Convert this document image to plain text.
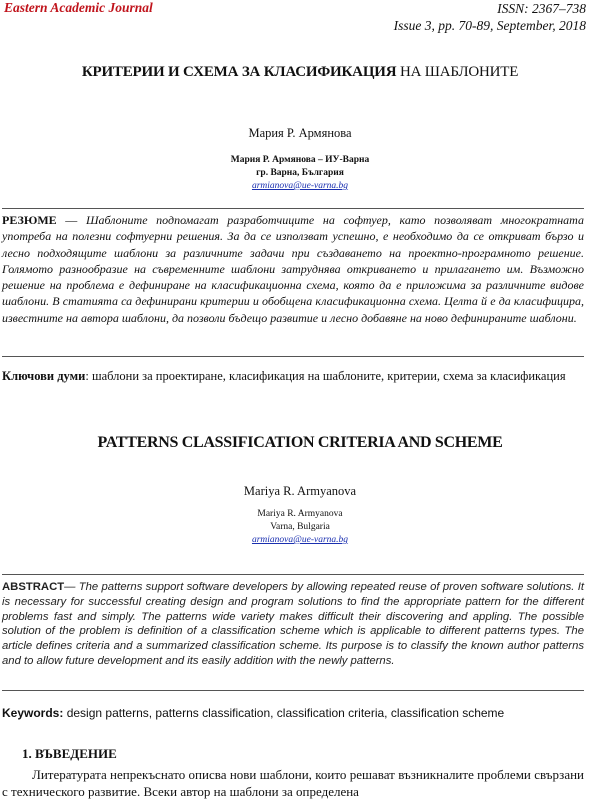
Eastern Academic Journal	ISSN: 2367–738
Issue 3, pp. 70-89, September, 2018
КРИТЕРИИ И СХЕМА ЗА КЛАСИФИКАЦИЯ НА ШАБЛОНИТЕ
Мария Р. Армянова
Мария Р. Армянова – ИУ-Варна
гр. Варна, България
armianova@ue-varna.bg
РЕЗЮМЕ — Шаблоните подпомагат разработчиците на софтуер, като позволяват многократната употреба на полезни софтуерни решения. За да се използват успешно, е необходимо да се откриват бързо и лесно подходящите шаблони за различните задачи при създаването на проектно-програмното решение. Голямото разнообразие на съвременните шаблони затруднява откриването и прилагането им. Възможно решение на проблема е дефиниране на класификационна схема, която да е приложима за различните видове шаблони. В статията са дефинирани критерии и обобщена класификационна схема. Целта й е да класифицира, известните на автора шаблони, да позволи бъдещо развитие и лесно добавяне на ново дефинираните шаблони.
Ключови думи: шаблони за проектиране, класификация на шаблоните, критерии, схема за класификация
PATTERNS CLASSIFICATION CRITERIA AND SCHEME
Mariya R. Armyanova
Mariya R. Armyanova
Varna, Bulgaria
armianova@ue-varna.bg
ABSTRACT— The patterns support software developers by allowing repeated reuse of proven software solutions. It is necessary for successful creating design and program solutions to find the appropriate pattern for the different problems fast and simply. The patterns wide variety makes difficult their discovering and appling. The possible solution of the problem is definition of a classification scheme which is applicable to different patterns types. The article defines criteria and a summarized classification scheme. Its purpose is to classify the known author patterns and to allow future development and its easily addition with the newly patterns.
Keywords: design patterns, patterns classification, classification criteria, classification scheme
1. ВЪВЕДЕНИЕ
Литературата непрекъснато описва нови шаблони, които решават възникналите проблеми свързани с технического развитие. Всеки автор на шаблони за определена
